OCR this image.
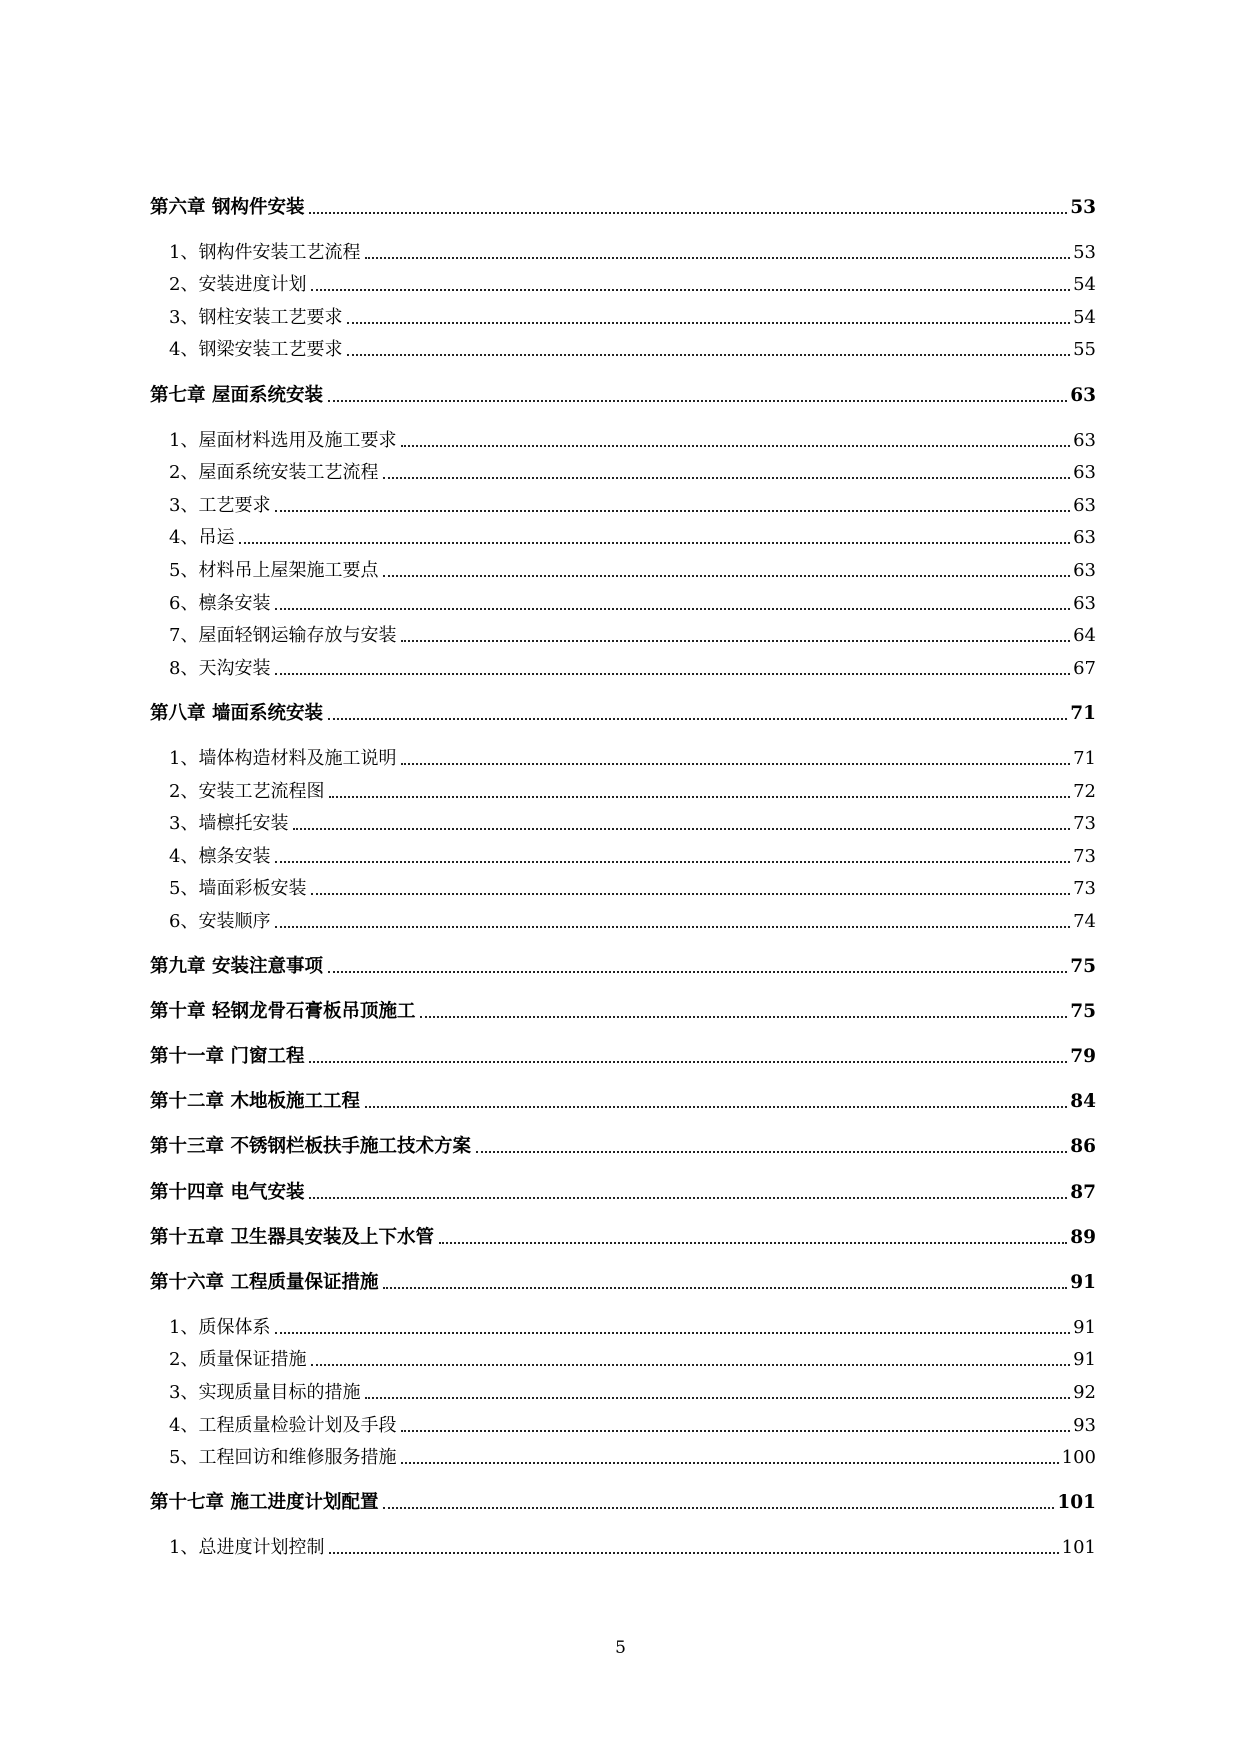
第六章 钢构件安装	53
1、钢构件安装工艺流程	53
2、安装进度计划	54
3、钢柱安装工艺要求	54
4、钢梁安装工艺要求	55
第七章 屋面系统安装	63
1、屋面材料选用及施工要求	63
2、屋面系统安装工艺流程	63
3、工艺要求	63
4、吊运	63
5、材料吊上屋架施工要点	63
6、檩条安装	63
7、屋面轻钢运输存放与安装	64
8、天沟安装	67
第八章 墙面系统安装	71
1、墙体构造材料及施工说明	71
2、安装工艺流程图	72
3、墙檩托安装	73
4、檩条安装	73
5、墙面彩板安装	73
6、安装顺序	74
第九章 安装注意事项	75
第十章 轻钢龙骨石膏板吊顶施工	75
第十一章 门窗工程	79
第十二章 木地板施工工程	84
第十三章 不锈钢栏板扶手施工技术方案	86
第十四章 电气安装	87
第十五章 卫生器具安装及上下水管	89
第十六章 工程质量保证措施	91
1、质保体系	91
2、质量保证措施	91
3、实现质量目标的措施	92
4、工程质量检验计划及手段	93
5、工程回访和维修服务措施	100
第十七章 施工进度计划配置	101
1、总进度计划控制	101
5
